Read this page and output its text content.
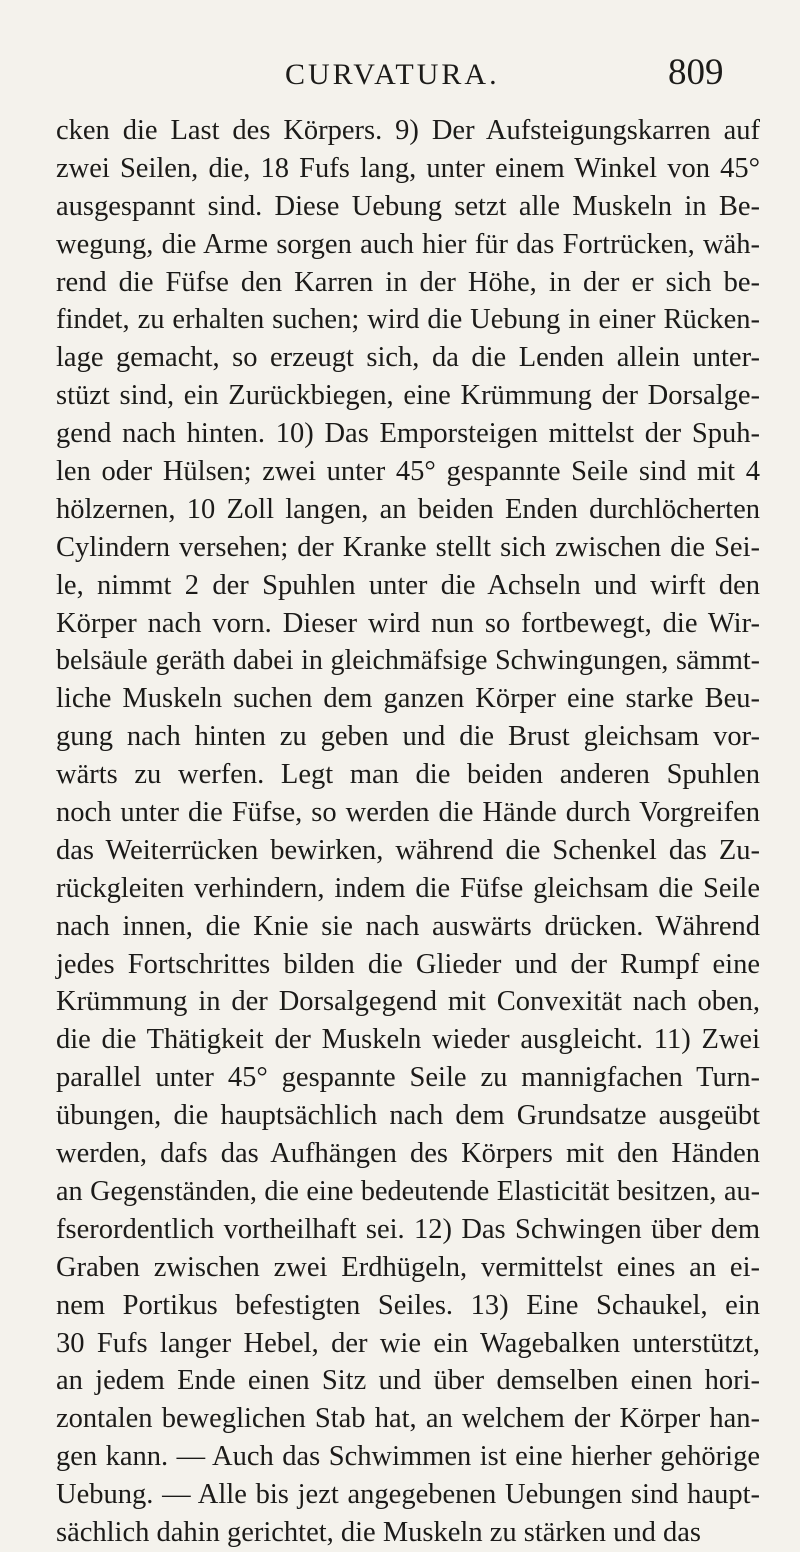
CURVATURA.	809
cken die Last des Körpers. 9) Der Aufsteigungskarren auf
zwei Seilen, die, 18 Fufs lang, unter einem Winkel von 45°
ausgespannt sind. Diese Uebung setzt alle Muskeln in Be-
wegung, die Arme sorgen auch hier für das Fortrücken, wäh-
rend die Füfse den Karren in der Höhe, in der er sich be-
findet, zu erhalten suchen; wird die Uebung in einer Rücken-
lage gemacht, so erzeugt sich, da die Lenden allein unter-
stüzt sind, ein Zurückbiegen, eine Krümmung der Dorsalge-
gend nach hinten. 10) Das Emporsteigen mittelst der Spuh-
len oder Hülsen; zwei unter 45° gespannte Seile sind mit 4
hölzernen, 10 Zoll langen, an beiden Enden durchlöcherten
Cylindern versehen; der Kranke stellt sich zwischen die Sei-
le, nimmt 2 der Spuhlen unter die Achseln und wirft den
Körper nach vorn. Dieser wird nun so fortbewegt, die Wir-
belsäule geräth dabei in gleichmäfsige Schwingungen, sämmt-
liche Muskeln suchen dem ganzen Körper eine starke Beu-
gung nach hinten zu geben und die Brust gleichsam vor-
wärts zu werfen. Legt man die beiden anderen Spuhlen
noch unter die Füfse, so werden die Hände durch Vorgreifen
das Weiterrücken bewirken, während die Schenkel das Zu-
rückgleiten verhindern, indem die Füfse gleichsam die Seile
nach innen, die Knie sie nach auswärts drücken. Während
jedes Fortschrittes bilden die Glieder und der Rumpf eine
Krümmung in der Dorsalgegend mit Convexität nach oben,
die die Thätigkeit der Muskeln wieder ausgleicht. 11) Zwei
parallel unter 45° gespannte Seile zu mannigfachen Turn-
übungen, die hauptsächlich nach dem Grundsatze ausgeübt
werden, dafs das Aufhängen des Körpers mit den Händen
an Gegenständen, die eine bedeutende Elasticität besitzen, au-
fserordentlich vortheilhaft sei. 12) Das Schwingen über dem
Graben zwischen zwei Erdhügeln, vermittelst eines an ei-
nem Portikus befestigten Seiles. 13) Eine Schaukel, ein
30 Fufs langer Hebel, der wie ein Wagebalken unterstützt,
an jedem Ende einen Sitz und über demselben einen hori-
zontalen beweglichen Stab hat, an welchem der Körper han-
gen kann. — Auch das Schwimmen ist eine hierher gehörige
Uebung. — Alle bis jezt angegebenen Uebungen sind haupt-
sächlich dahin gerichtet, die Muskeln zu stärken und das
